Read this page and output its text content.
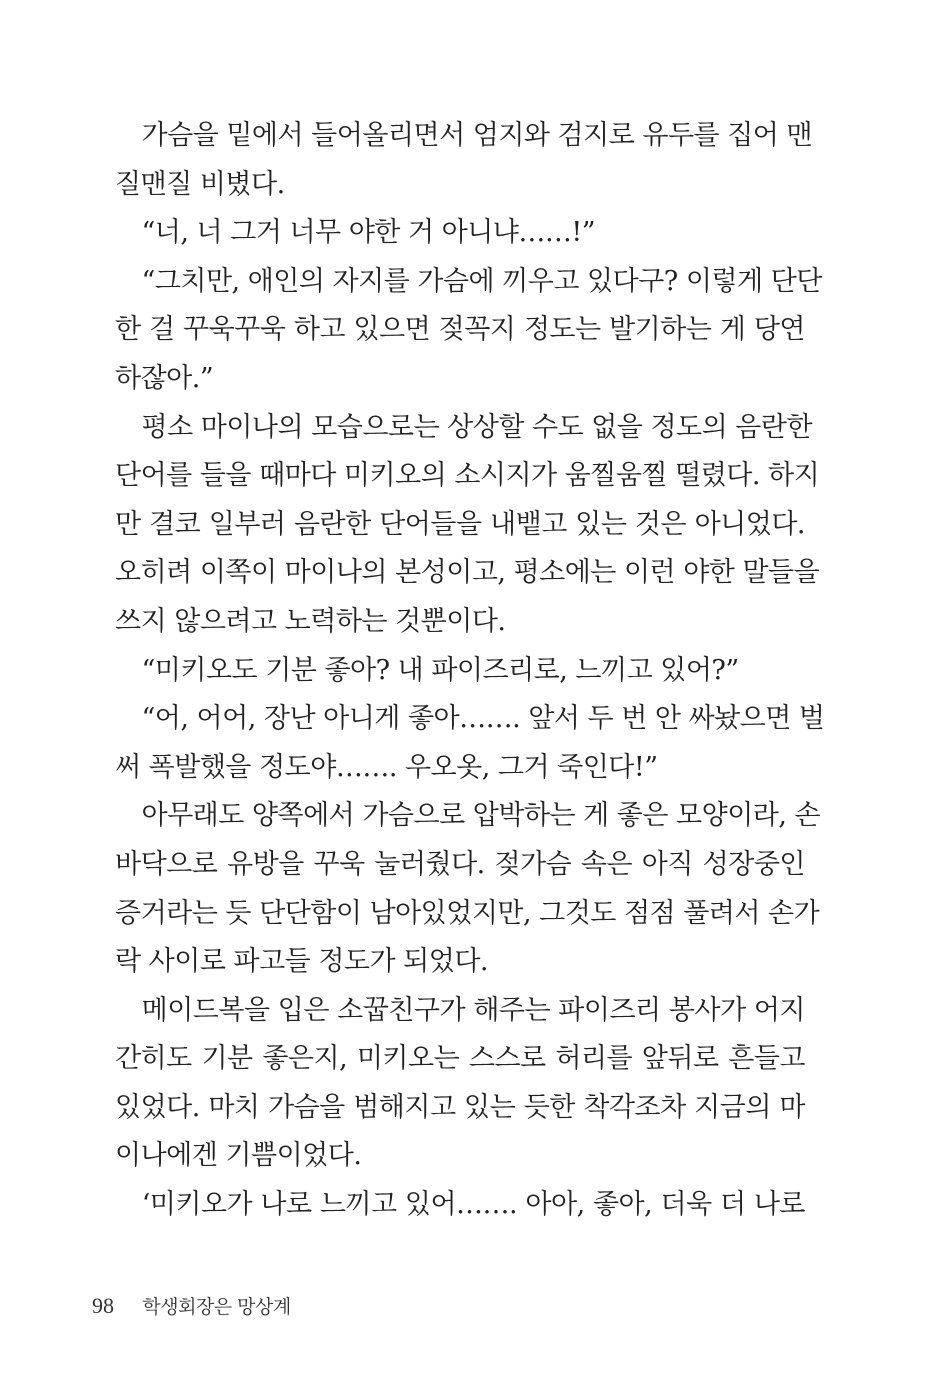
　가슴을 밑에서 들어올리면서 엄지와 검지로 유두를 집어 맨
질맨질 비볐다.
　“너, 너 그거 너무 야한 거 아니냐……!”
　“그치만, 애인의 자지를 가슴에 끼우고 있다구? 이렇게 단단
한 걸 꾸욱꾸욱 하고 있으면 젖꼭지 정도는 발기하는 게 당연
하잖아.”
　평소 마이나의 모습으로는 상상할 수도 없을 정도의 음란한
단어를 들을 때마다 미키오의 소시지가 움찔움찔 떨렸다. 하지
만 결코 일부러 음란한 단어들을 내뱉고 있는 것은 아니었다.
오히려 이쪽이 마이나의 본성이고, 평소에는 이런 야한 말들을
쓰지 않으려고 노력하는 것뿐이다.
　“미키오도 기분 좋아? 내 파이즈리로, 느끼고 있어?”
　“어, 어어, 장난 아니게 좋아……. 앞서 두 번 안 싸놨으면 벌
써 폭발했을 정도야……. 우오옷, 그거 죽인다!”
　아무래도 양쪽에서 가슴으로 압박하는 게 좋은 모양이라, 손
바닥으로 유방을 꾸욱 눌러줬다. 젖가슴 속은 아직 성장중인
증거라는 듯 단단함이 남아있었지만, 그것도 점점 풀려서 손가
락 사이로 파고들 정도가 되었다.
　메이드복을 입은 소꿉친구가 해주는 파이즈리 봉사가 어지
간히도 기분 좋은지, 미키오는 스스로 허리를 앞뒤로 흔들고
있었다. 마치 가슴을 범해지고 있는 듯한 착각조차 지금의 마
이나에겐 기쁨이었다.
　‘미키오가 나로 느끼고 있어……. 아아, 좋아, 더욱 더 나로
98 학생회장은 망상계
